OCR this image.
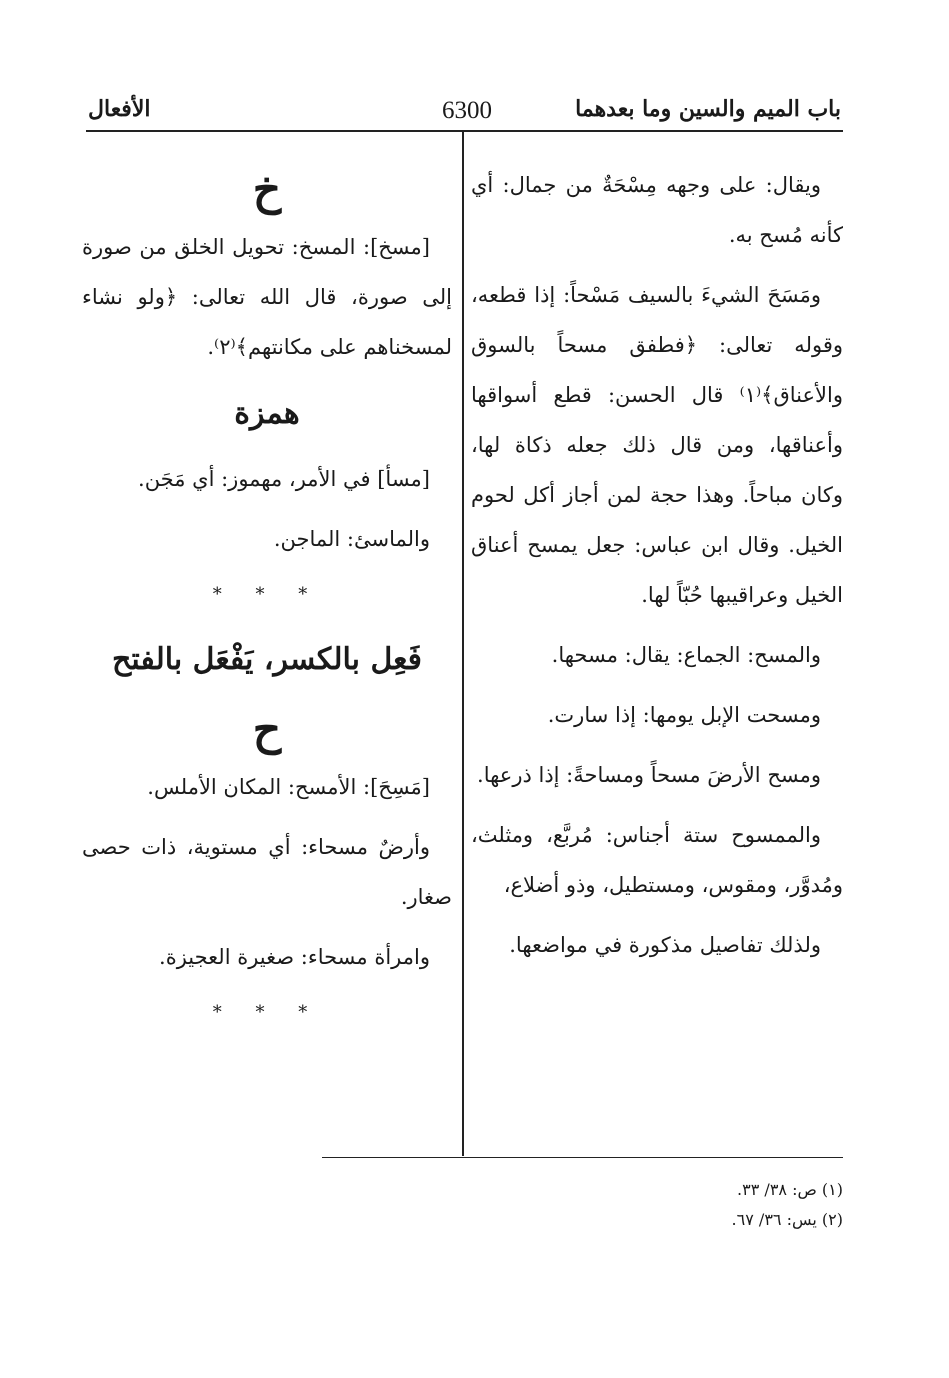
باب الميم والسين وما بعدهما
6300
الأفعال

ويقال: على وجهه مِسْحَةٌ من جمال: أي كأنه مُسح به.

ومَسَحَ الشيءَ بالسيف مَسْحاً: إذا قطعه، وقوله تعالى: ﴿فطفق مسحاً بالسوق والأعناق﴾⁽١⁾ قال الحسن: قطع أسواقها وأعناقها، ومن قال ذلك جعله ذكاة لها، وكان مباحاً. وهذا حجة لمن أجاز أكل لحوم الخيل. وقال ابن عباس: جعل يمسح أعناق الخيل وعراقيبها حُبّاً لها.

والمسح: الجماع: يقال: مسحها.

ومسحت الإبل يومها: إذا سارت.

ومسح الأرضَ مسحاً ومساحةً: إذا ذرعها.

والممسوح ستة أجناس: مُربَّع، ومثلث، ومُدوَّر، ومقوس، ومستطيل، وذو أضلاع،

ولذلك تفاصيل مذكورة في مواضعها.

خ

[مسخ]: المسخ: تحويل الخلق من صورة إلى صورة، قال الله تعالى: ﴿ولو نشاء لمسخناهم على مكانتهم﴾⁽٢⁾.

همزة

[مسأ] في الأمر، مهموز: أي مَجَن.

والماسئ: الماجن.

* * *
فَعِل بالكسر، يَفْعَل بالفتح
ح

[مَسِحَ]: الأمسح: المكان الأملس.

وأرضٌ مسحاء: أي مستوية، ذات حصى صغار.

وامرأة مسحاء: صغيرة العجيزة.

* * *

(١) ص: ٣٨/ ٣٣.

(٢) يس: ٣٦/ ٦٧.
